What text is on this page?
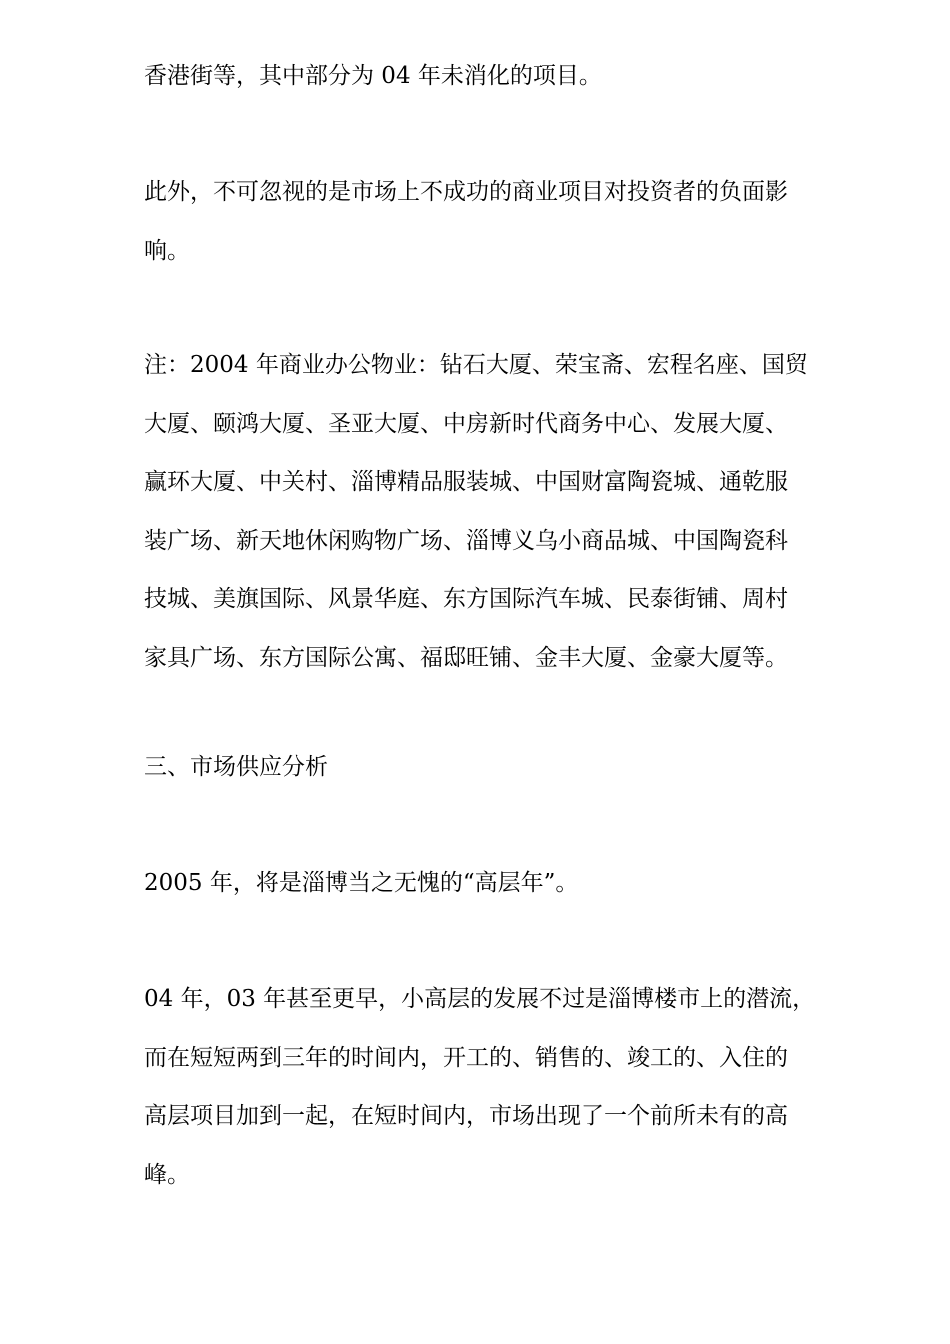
香港街等，其中部分为 04 年未消化的项目。

此外，不可忽视的是市场上不成功的商业项目对投资者的负面影
响。

注：2004 年商业办公物业：钻石大厦、荣宝斋、宏程名座、国贸
大厦、颐鸿大厦、圣亚大厦、中房新时代商务中心、发展大厦、
赢环大厦、中关村、淄博精品服装城、中国财富陶瓷城、通乾服
装广场、新天地休闲购物广场、淄博义乌小商品城、中国陶瓷科
技城、美旗国际、风景华庭、东方国际汽车城、民泰街铺、周村
家具广场、东方国际公寓、福邸旺铺、金丰大厦、金豪大厦等。

三、市场供应分析

2005 年，将是淄博当之无愧的“高层年”。

04 年，03 年甚至更早，小高层的发展不过是淄博楼市上的潜流，
而在短短两到三年的时间内，开工的、销售的、竣工的、入住的
高层项目加到一起，在短时间内，市场出现了一个前所未有的高
峰。
